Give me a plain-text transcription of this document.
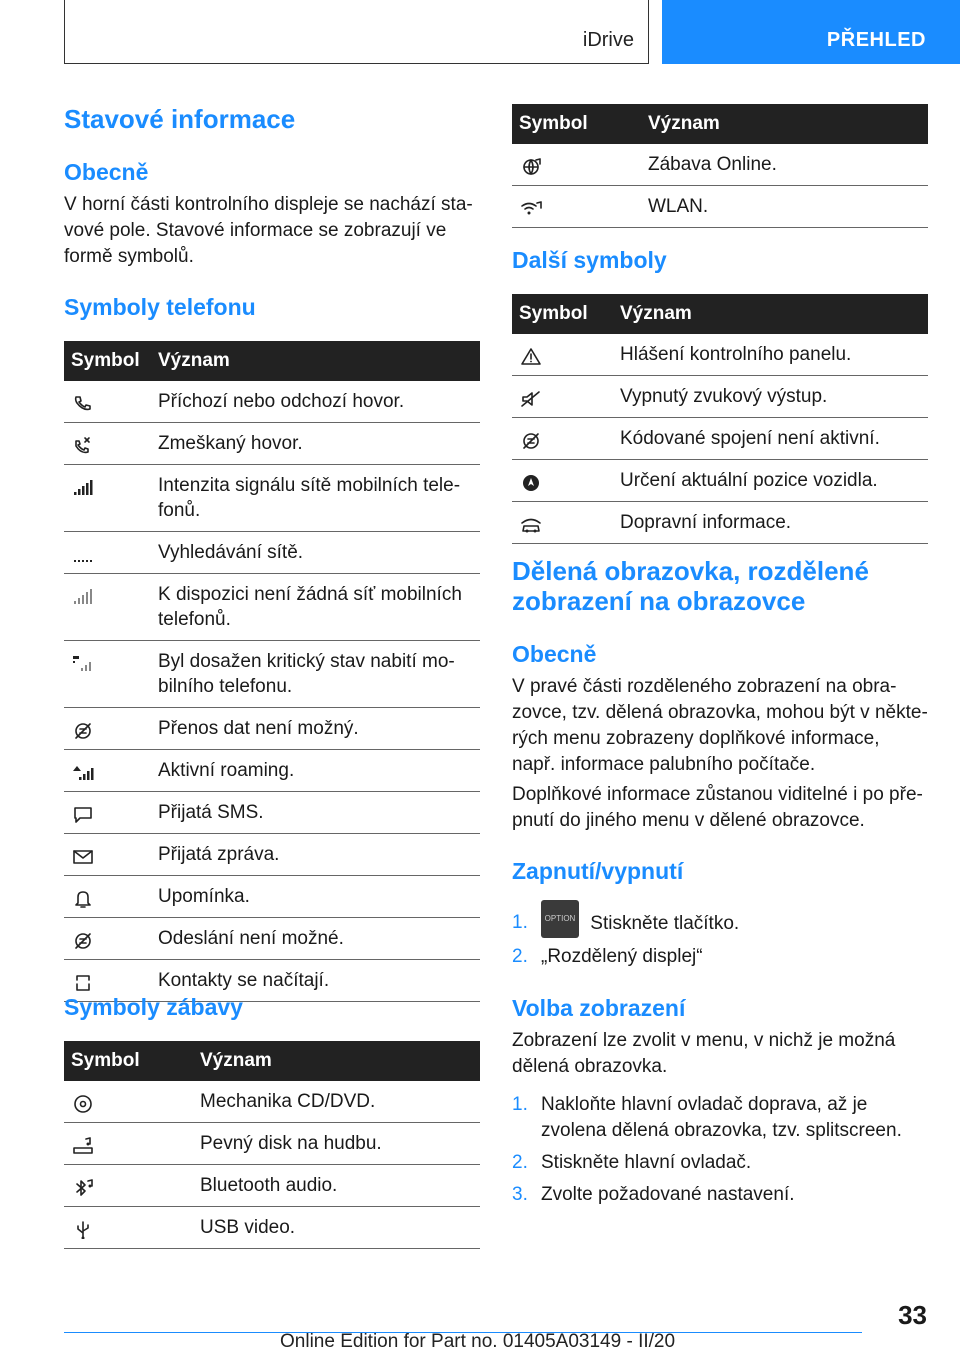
iDrive	PŘEHLED
Stavové informace
Obecně
V horní části kontrolního displeje se nachází stavové pole. Stavové informace se zobrazují ve formě symbolů.
Symboly telefonu
Symbol	Význam

	Příchozí nebo odchozí hovor.

	Zmeškaný hovor.

	Intenzita signálu sítě mobilních telefonů.

	Vyhledávání sítě.

	K dispozici není žádná síť mobilních telefonů.

	Byl dosažen kritický stav nabití mobilního telefonu.

	Přenos dat není možný.

	Aktivní roaming.

	Přijatá SMS.

	Přijatá zpráva.

	Upomínka.

	Odeslání není možné.

	Kontakty se načítají.
Symboly zábavy
Symbol	Význam

	Mechanika CD/DVD.

	Pevný disk na hudbu.

	Bluetooth audio.

	USB video.
Symbol	Význam

	Zábava Online.

	WLAN.
Další symboly
Symbol	Význam

	Hlášení kontrolního panelu.

	Vypnutý zvukový výstup.

	Kódované spojení není aktivní.

	Určení aktuální pozice vozidla.

	Dopravní informace.
Dělená obrazovka, rozdělené
zobrazení na obrazovce
Obecně
V pravé části rozděleného zobrazení na obrazovce, tzv. dělená obrazovka, mohou být v některých menu zobrazeny doplňkové informace, např. informace palubního počítače.
Doplňkové informace zůstanou viditelné i po přepnutí do jiného menu v dělené obrazovce.
Zapnutí/vypnutí
1. OPTION Stiskněte tlačítko.
2. „Rozdělený displej“
Volba zobrazení
Zobrazení lze zvolit v menu, v nichž je možná dělená obrazovka.
1. Nakloňte hlavní ovladač doprava, až je zvolena dělená obrazovka, tzv. splitscreen.
2. Stiskněte hlavní ovladač.
3. Zvolte požadované nastavení.
33
Online Edition for Part no. 01405A03149 - II/20
